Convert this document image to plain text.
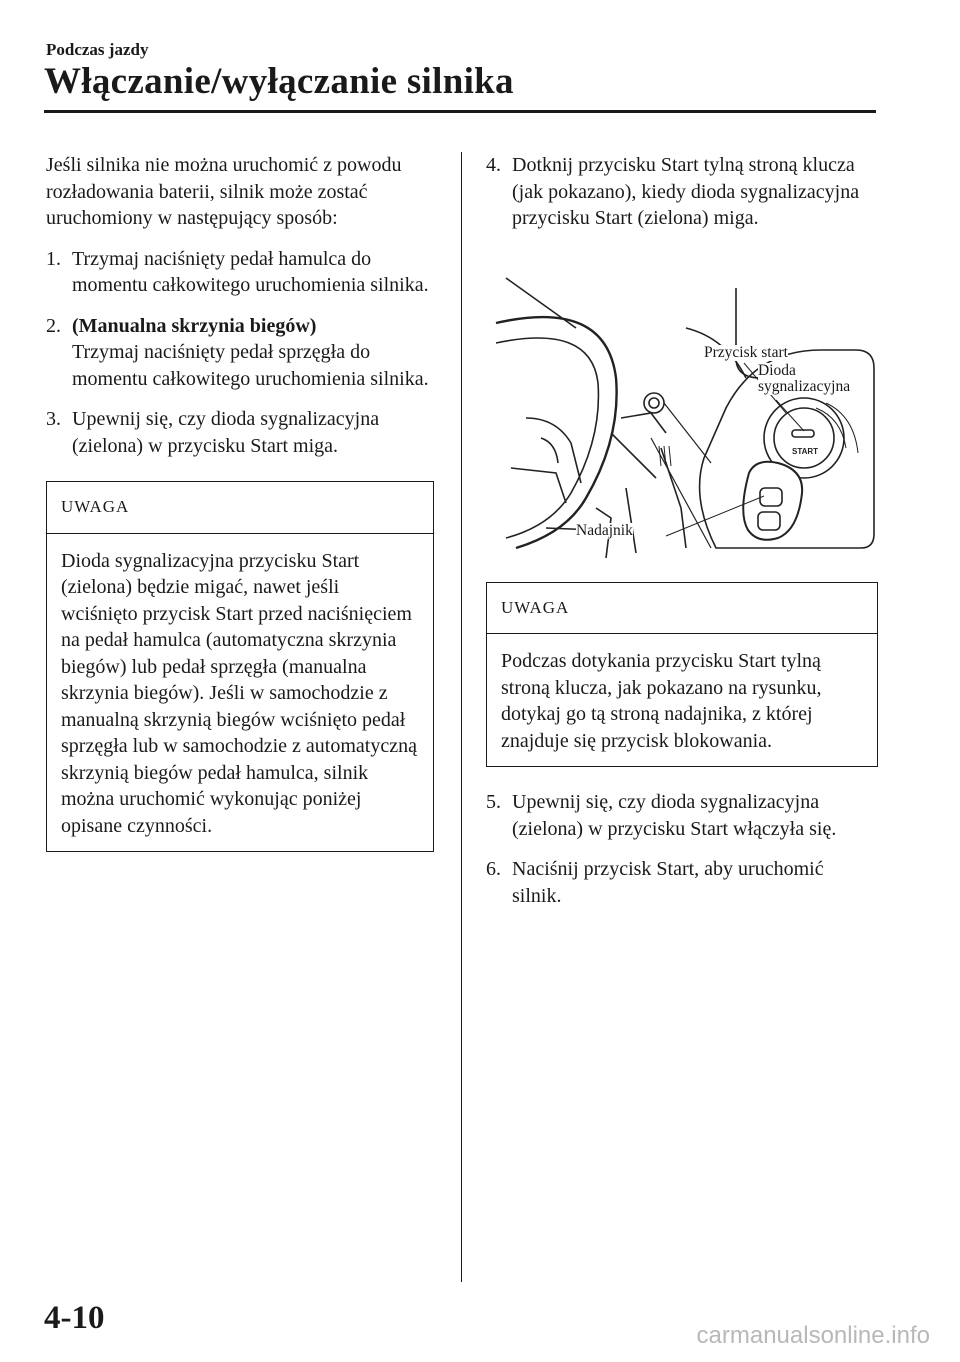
Podczas jazdy
Włączanie/wyłączanie silnika

Jeśli silnika nie można uruchomić z powodu rozładowania baterii, silnik może zostać uruchomiony w następujący sposób:

1. Trzymaj naciśnięty pedał hamulca do momentu całkowitego uruchomienia silnika.
2. (Manualna skrzynia biegów)
Trzymaj naciśnięty pedał sprzęgła do momentu całkowitego uruchomienia silnika.
3. Upewnij się, czy dioda sygnalizacyjna (zielona) w przycisku Start miga.
UWAGA
Dioda sygnalizacyjna przycisku Start (zielona) będzie migać, nawet jeśli wciśnięto przycisk Start przed naciśnięciem na pedał hamulca (automatyczna skrzynia biegów) lub pedał sprzęgła (manualna skrzynia biegów). Jeśli w samochodzie z manualną skrzynią biegów wciśnięto pedał sprzęgła lub w samochodzie z automatyczną skrzynią biegów pedał hamulca, silnik można uruchomić wykonując poniżej opisane czynności.
4. Dotknij przycisku Start tylną stroną klucza (jak pokazano), kiedy dioda sygnalizacyjna przycisku Start (zielona) miga.
START
Przycisk start
Dioda
sygnalizacyjna
Nadajnik
UWAGA
Podczas dotykania przycisku Start tylną stroną klucza, jak pokazano na rysunku, dotykaj go tą stroną nadajnika, z której znajduje się przycisk blokowania.
5. Upewnij się, czy dioda sygnalizacyjna (zielona) w przycisku Start włączyła się.
6. Naciśnij przycisk Start, aby uruchomić silnik.
4-10	carmanualsonline.info
